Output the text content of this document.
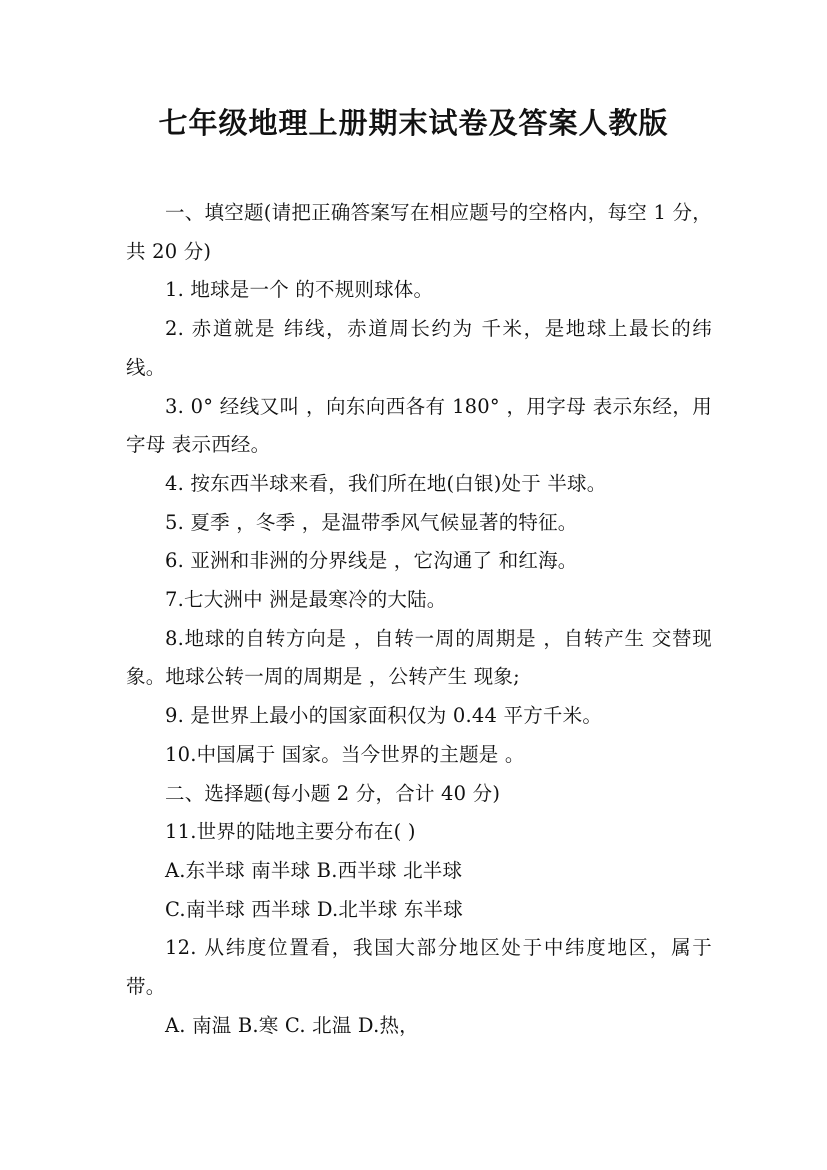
七年级地理上册期末试卷及答案人教版

一、填空题(请把正确答案写在相应题号的空格内，每空 1 分，共 20 分)

1. 地球是一个 的不规则球体。

2. 赤道就是 纬线，赤道周长约为 千米，是地球上最长的纬线。

3. 0° 经线又叫 ，向东向西各有 180° ，用字母 表示东经，用字母 表示西经。

4. 按东西半球来看，我们所在地(白银)处于 半球。

5. 夏季 ，冬季 ，是温带季风气候显著的特征。

6. 亚洲和非洲的分界线是 ，它沟通了 和红海。

7.七大洲中 洲是最寒冷的大陆。

8.地球的自转方向是 ，自转一周的周期是 ，自转产生 交替现象。地球公转一周的周期是 ，公转产生 现象;

9. 是世界上最小的国家面积仅为 0.44 平方千米。

10.中国属于 国家。当今世界的主题是 。

二、选择题(每小题 2 分，合计 40 分)

11.世界的陆地主要分布在( )

A.东半球 南半球 B.西半球 北半球

C.南半球 西半球 D.北半球 东半球

12. 从纬度位置看，我国大部分地区处于中纬度地区，属于 带。

A. 南温 B.寒 C. 北温 D.热，
